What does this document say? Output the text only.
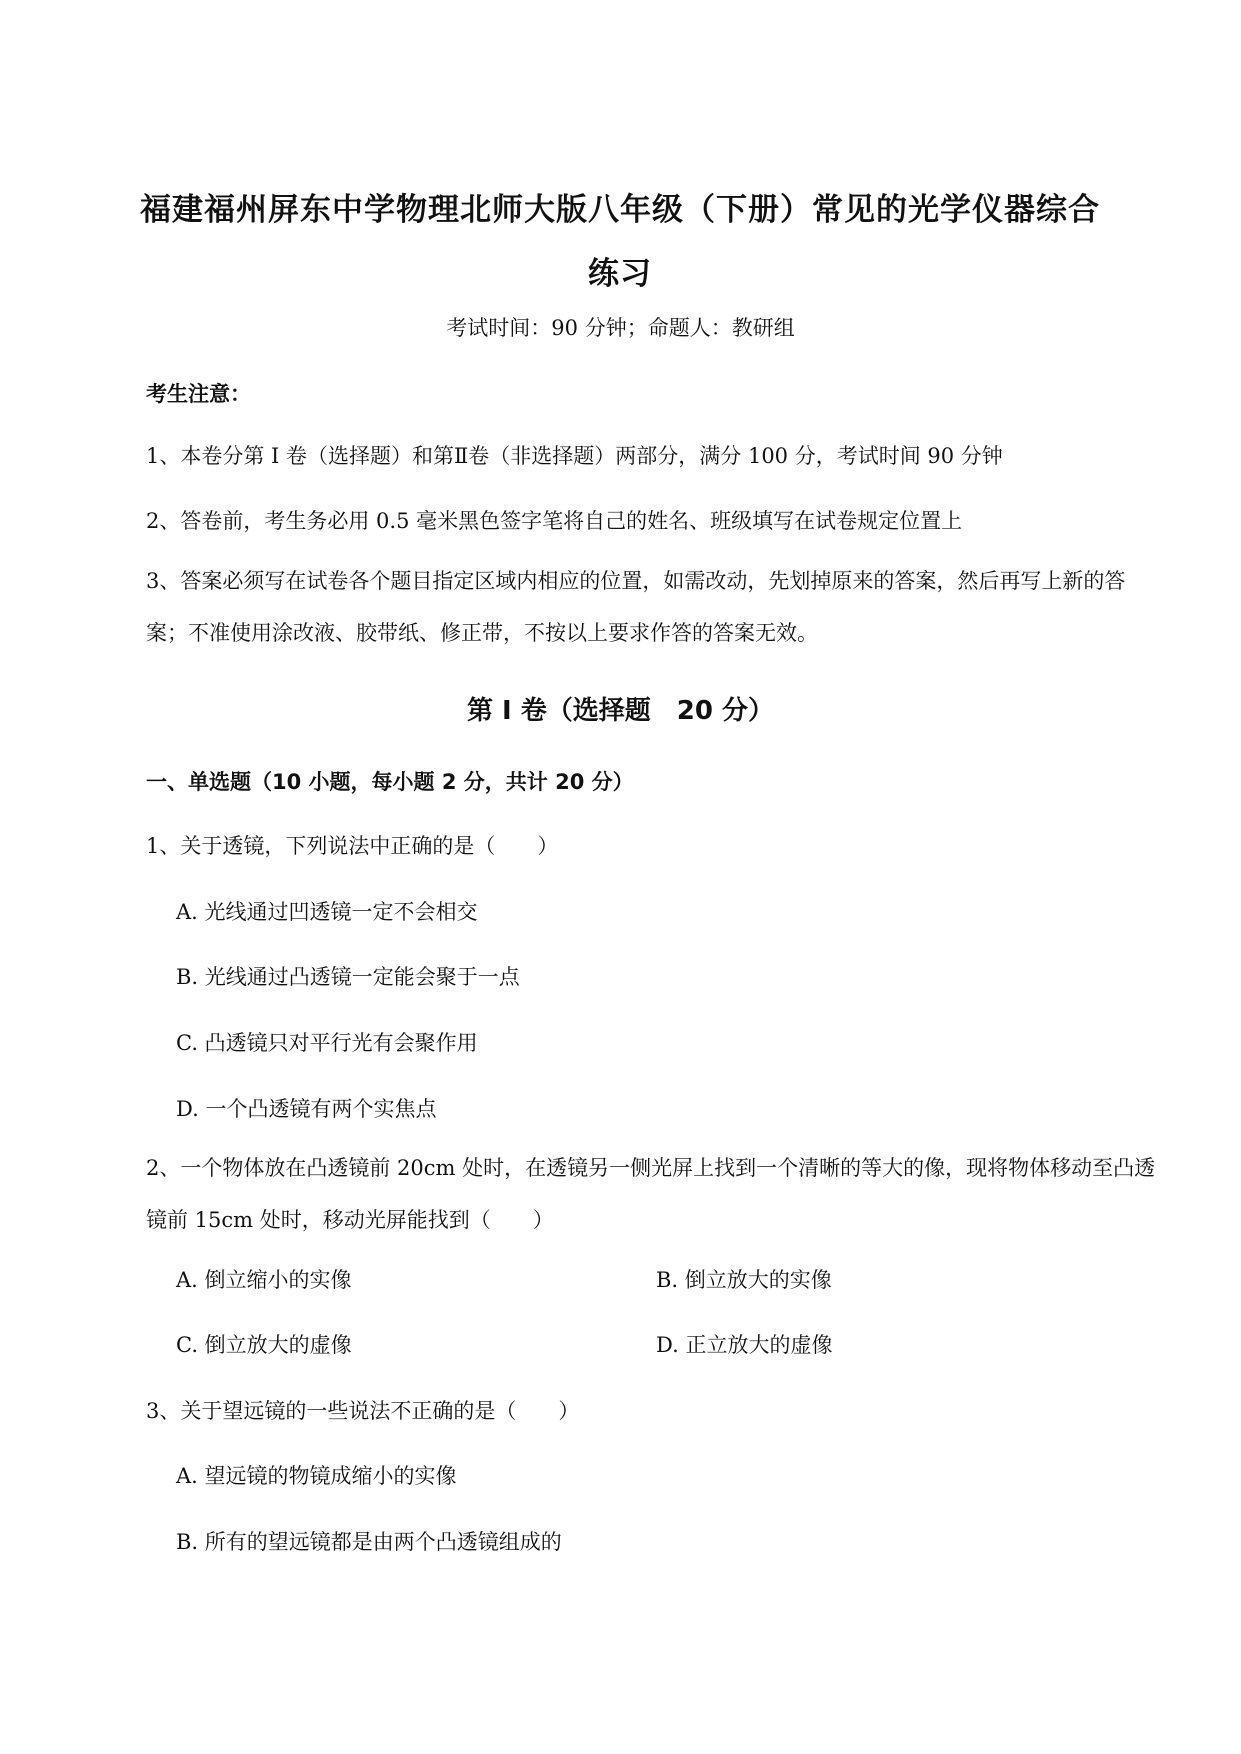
福建福州屏东中学物理北师大版八年级（下册）常见的光学仪器综合练习
考试时间：90 分钟；命题人：教研组
考生注意：
1、本卷分第 I 卷（选择题）和第Ⅱ卷（非选择题）两部分，满分 100 分，考试时间 90 分钟
2、答卷前，考生务必用 0.5 毫米黑色签字笔将自己的姓名、班级填写在试卷规定位置上
3、答案必须写在试卷各个题目指定区域内相应的位置，如需改动，先划掉原来的答案，然后再写上新的答案；不准使用涂改液、胶带纸、修正带，不按以上要求作答的答案无效。
第 I 卷（选择题　20 分）
一、单选题（10 小题，每小题 2 分，共计 20 分）
1、关于透镜，下列说法中正确的是（　　）
A. 光线通过凹透镜一定不会相交
B. 光线通过凸透镜一定能会聚于一点
C. 凸透镜只对平行光有会聚作用
D. 一个凸透镜有两个实焦点
2、一个物体放在凸透镜前 20cm 处时，在透镜另一侧光屏上找到一个清晰的等大的像，现将物体移动至凸透镜前 15cm 处时，移动光屏能找到（　　）
A. 倒立缩小的实像	B. 倒立放大的实像
C. 倒立放大的虚像	D. 正立放大的虚像
3、关于望远镜的一些说法不正确的是（　　）
A. 望远镜的物镜成缩小的实像
B. 所有的望远镜都是由两个凸透镜组成的
